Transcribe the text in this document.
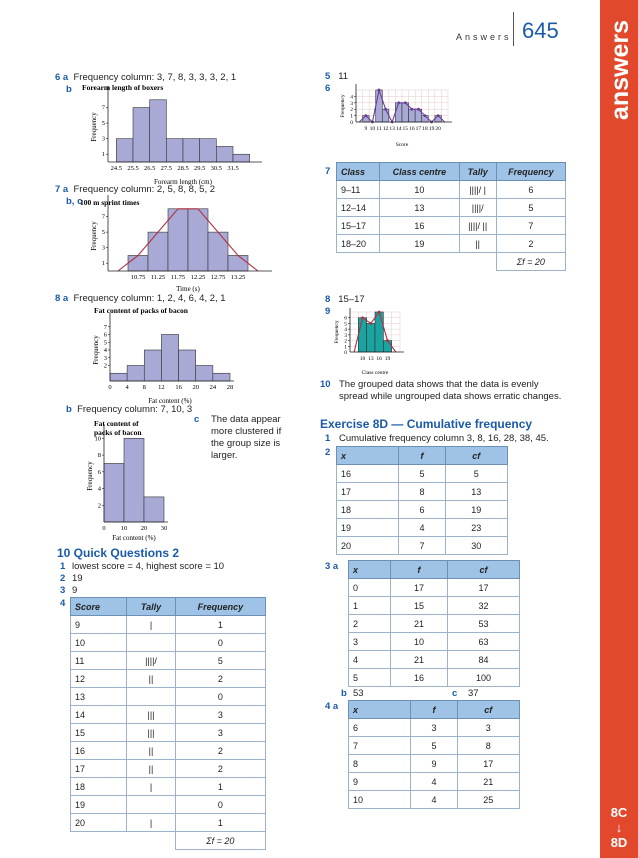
Answers 645 answers
8C
↓
8D
6 a Frequency column: 3, 7, 8, 3, 3, 3, 2, 1
b
1
3
5
7
24.5 25.5 26.5 27.5 28.5 29.5 30.5 31.5
Forearm length (cm)
Frequency
Forearm length of boxers
7 a Frequency column: 2, 5, 8, 8, 5, 2
b, c
1
3
5
7
10.75 11.25 11.75 12.25 12.75 13.25
Time (s)
Frequency
100 m sprint times
8 a Frequency column: 1, 2, 4, 6, 4, 2, 1
2
3
4
5
6
7
0 4 8 12 16 20 24 28
Fat content (%)
Frequency
Fat content of packs of bacon
b Frequency column: 7, 10, 3
2
4
6
8
10
0 10 20 30
Fat content (%)
Frequency
Fat content of
packs of bacon
c The data appear more clustered if the group size is larger.
10 Quick Questions 2
1 lowest score = 4, highest score = 10
2 19
3 9
4 Score	Tally	Frequency
9	|	1
10		0
11	||||/	5
12	||	2
13		0
14	|||	3
15	|||	3
16	||	2
17	||	2
18	|	1
19		0
20	|	1
		Σf = 20
5 11
6
1
2
3
4
0
9 10 11 12 13 14 15 16 17 18 19 20
Score
Frequency
7 Class	Class centre	Tally	Frequency
9–11	10	||||/ |	6
12–14	13	||||/	5
15–17	16	||||/ ||	7
18–20	19	||	2
			Σf = 20
8 15–17
9
1
2
3
4
5
6
0
10 13 16 19
Class centre
Frequency
10 The grouped data shows that the data is evenly
spread while ungrouped data shows erratic changes.
Exercise 8D — Cumulative frequency
1 Cumulative frequency column 3, 8, 16, 28, 38, 45.
2 x	f	cf
16	5	5
17	8	13
18	6	19
19	4	23
20	7	30
3 a x	f	cf
0	17	17
1	15	32
2	21	53
3	10	63
4	21	84
5	16	100
b 53	c 37
4 a x	f	cf
6	3	3
7	5	8
8	9	17
9	4	21
10	4	25
